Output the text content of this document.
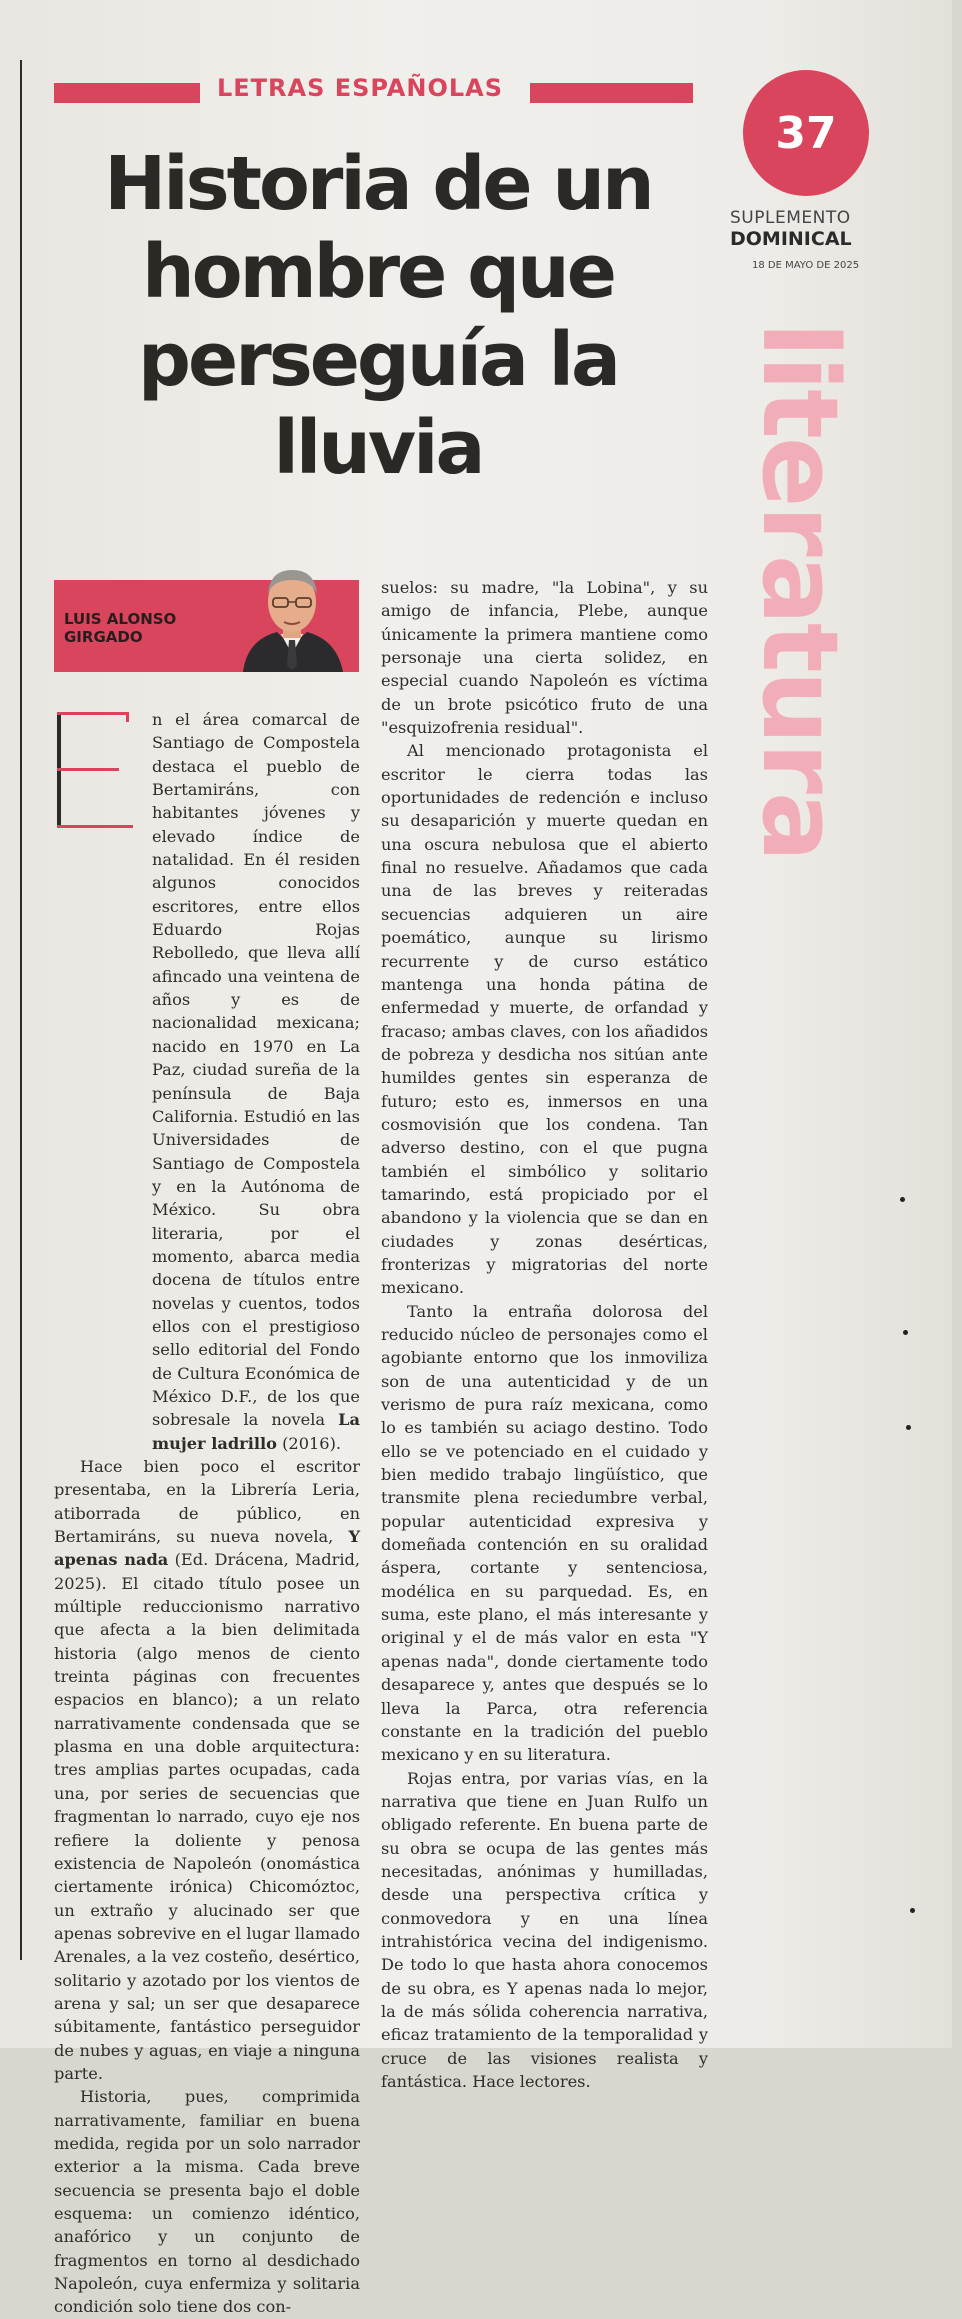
LETRAS ESPAÑOLAS
Historia de un
hombre que
perseguía la
lluvia
37
SUPLEMENTO
DOMINICAL
18 DE MAYO DE 2025
literatura
LUIS ALONSO
GIRGADO

n el área comarcal de Santiago de Compostela destaca el pueblo de Bertamiráns, con habitantes jóvenes y elevado índice de natalidad. En él residen algunos conocidos escritores, entre ellos Eduardo Rojas Rebolledo, que lleva allí afincado una veintena de años y es de nacionalidad mexicana; nacido en 1970 en La Paz, ciudad sureña de la península de Baja California. Estudió en las Universidades de Santiago de Compostela y en la Autónoma de México. Su obra literaria, por el momento, abarca media docena de títulos entre novelas y cuentos, todos ellos con el prestigioso sello editorial del Fondo de Cultura Económica de México D.F., de los que sobresale la novela La mujer ladrillo (2016).

Hace bien poco el escritor presentaba, en la Librería Leria, atiborrada de público, en Bertamiráns, su nueva novela, Y apenas nada (Ed. Drácena, Madrid, 2025). El citado título posee un múltiple reduccionismo narrativo que afecta a la bien delimitada historia (algo menos de ciento treinta páginas con frecuentes espacios en blanco); a un relato narrativamente condensada que se plasma en una doble arquitectura: tres amplias partes ocupadas, cada una, por series de secuencias que fragmentan lo narrado, cuyo eje nos refiere la doliente y penosa existencia de Napoleón (onomástica ciertamente irónica) Chicomóztoc, un extraño y alucinado ser que apenas sobrevive en el lugar llamado Arenales, a la vez costeño, desértico, solitario y azotado por los vientos de arena y sal; un ser que desaparece súbitamente, fantástico perseguidor de nubes y aguas, en viaje a ninguna parte.

Historia, pues, comprimida narrativamente, familiar en buena medida, regida por un solo narrador exterior a la misma. Cada breve secuencia se presenta bajo el doble esquema: un comienzo idéntico, anafórico y un conjunto de fragmentos en torno al desdichado Napoleón, cuya enfermiza y solitaria condición solo tiene dos con-

suelos: su madre, "la Lobina", y su amigo de infancia, Plebe, aunque únicamente la primera mantiene como personaje una cierta solidez, en especial cuando Napoleón es víctima de un brote psicótico fruto de una "esquizofrenia residual".

Al mencionado protagonista el escritor le cierra todas las oportunidades de redención e incluso su desaparición y muerte quedan en una oscura nebulosa que el abierto final no resuelve. Añadamos que cada una de las breves y reiteradas secuencias adquieren un aire poemático, aunque su lirismo recurrente y de curso estático mantenga una honda pátina de enfermedad y muerte, de orfandad y fracaso; ambas claves, con los añadidos de pobreza y desdicha nos sitúan ante humildes gentes sin esperanza de futuro; esto es, inmersos en una cosmovisión que los condena. Tan adverso destino, con el que pugna también el simbólico y solitario tamarindo, está propiciado por el abandono y la violencia que se dan en ciudades y zonas desérticas, fronterizas y migratorias del norte mexicano.

Tanto la entraña dolorosa del reducido núcleo de personajes como el agobiante entorno que los inmoviliza son de una autenticidad y de un verismo de pura raíz mexicana, como lo es también su aciago destino. Todo ello se ve potenciado en el cuidado y bien medido trabajo lingüístico, que transmite plena reciedumbre verbal, popular autenticidad expresiva y domeñada contención en su oralidad áspera, cortante y sentenciosa, modélica en su parquedad. Es, en suma, este plano, el más interesante y original y el de más valor en esta "Y apenas nada", donde ciertamente todo desaparece y, antes que después se lo lleva la Parca, otra referencia constante en la tradición del pueblo mexicano y en su literatura.

Rojas entra, por varias vías, en la narrativa que tiene en Juan Rulfo un obligado referente. En buena parte de su obra se ocupa de las gentes más necesitadas, anónimas y humilladas, desde una perspectiva crítica y conmovedora y en una línea intrahistórica vecina del indigenismo. De todo lo que hasta ahora conocemos de su obra, es Y apenas nada lo mejor, la de más sólida coherencia narrativa, eficaz tratamiento de la temporalidad y cruce de las visiones realista y fantástica. Hace lectores.
